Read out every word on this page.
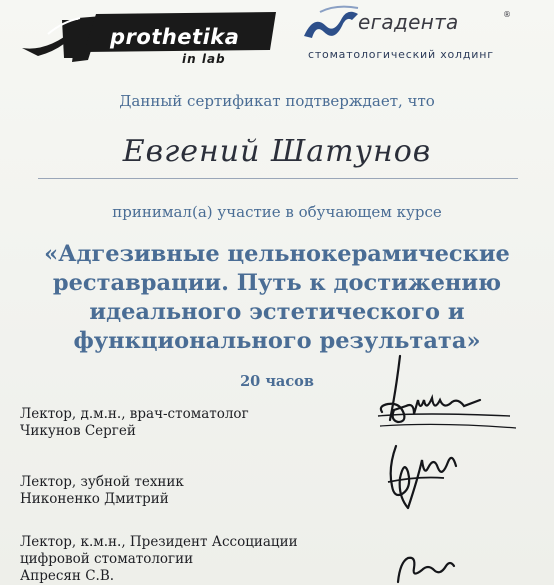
prothetika
in lab
егадента	®
стоматологический холдинг
Данный сертификат подтверждает, что
Евгений Шатунов
принимал(а) участие в обучающем курсе
«Адгезивные цельнокерамические
реставрации. Путь к достижению
идеального эстетического и
функционального результата»
20 часов
Лектор, д.м.н., врач-стоматолог
Чикунов Сергей
Лектор, зубной техник
Никоненко Дмитрий
Лектор, к.м.н., Президент Ассоциации
цифровой стоматологии
Апресян С.В.
